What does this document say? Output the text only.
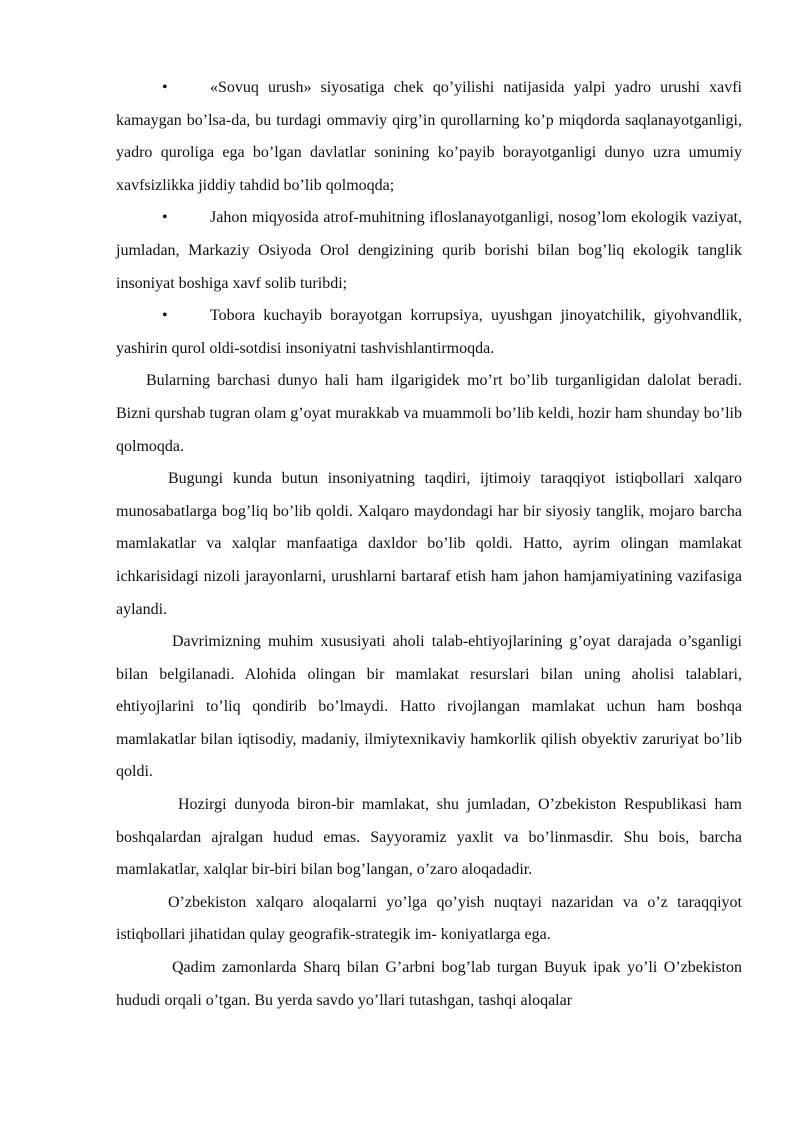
•	«Sovuq urush» siyosatiga chek qo’yilishi natijasida yalpi yadro urushi xavfi kamaygan bo’lsa-da, bu turdagi ommaviy qirg’in qurollarning ko’p miqdorda saqlanayotganligi, yadro quroliga ega bo’lgan davlatlar sonining ko’payib borayotganligi dunyo uzra umumiy xavfsizlikka jiddiy tahdid bo’lib qolmoqda;
•	Jahon miqyosida atrof-muhitning ifloslanayotganligi, nosog’lom ekologik vaziyat, jumladan, Markaziy Osiyoda Orol dengizining qurib borishi bilan bog’liq ekologik tanglik insoniyat boshiga xavf solib turibdi;
•	Tobora kuchayib borayotgan korrupsiya, uyushgan jinoyatchilik, giyohvandlik, yashirin qurol oldi-sotdisi insoniyatni tashvishlantirmoqda.

Bularning barchasi dunyo hali ham ilgarigidek mo’rt bo’lib turganligidan dalolat beradi. Bizni qurshab tugran olam g’oyat murakkab va muammoli bo’lib keldi, hozir ham shunday bo’lib qolmoqda.

Bugungi kunda butun insoniyatning taqdiri, ijtimoiy taraqqiyot istiqbollari xalqaro munosabatlarga bog’liq bo’lib qoldi. Xalqaro maydondagi har bir siyosiy tanglik, mojaro barcha mamlakatlar va xalqlar manfaatiga daxldor bo’lib qoldi. Hatto, ayrim olingan mamlakat ichkarisidagi nizoli jarayonlarni, urushlarni bartaraf etish ham jahon hamjamiyatining vazifasiga aylandi.

Davrimizning muhim xususiyati aholi talab-ehtiyojlarining g’oyat darajada o’sganligi bilan belgilanadi. Alohida olingan bir mamlakat resurslari bilan uning aholisi talablari, ehtiyojlarini to’liq qondirib bo’lmaydi. Hatto rivojlangan mamlakat uchun ham boshqa mamlakatlar bilan iqtisodiy, madaniy, ilmiytexnikaviy hamkorlik qilish obyektiv zaruriyat bo’lib qoldi.

Hozirgi dunyoda biron-bir mamlakat, shu jumladan, O’zbekiston Respublikasi ham boshqalardan ajralgan hudud emas. Sayyoramiz yaxlit va bo’linmasdir. Shu bois, barcha mamlakatlar, xalqlar bir-biri bilan bog’langan, o’zaro aloqadadir.

O’zbekiston xalqaro aloqalarni yo’lga qo’yish nuqtayi nazaridan va o’z taraqqiyot istiqbollari jihatidan qulay geografik-strategik im- koniyatlarga ega.

Qadim zamonlarda Sharq bilan G’arbni bog’lab turgan Buyuk ipak yo’li O’zbekiston hududi orqali o’tgan. Bu yerda savdo yo’llari tutashgan, tashqi aloqalar
